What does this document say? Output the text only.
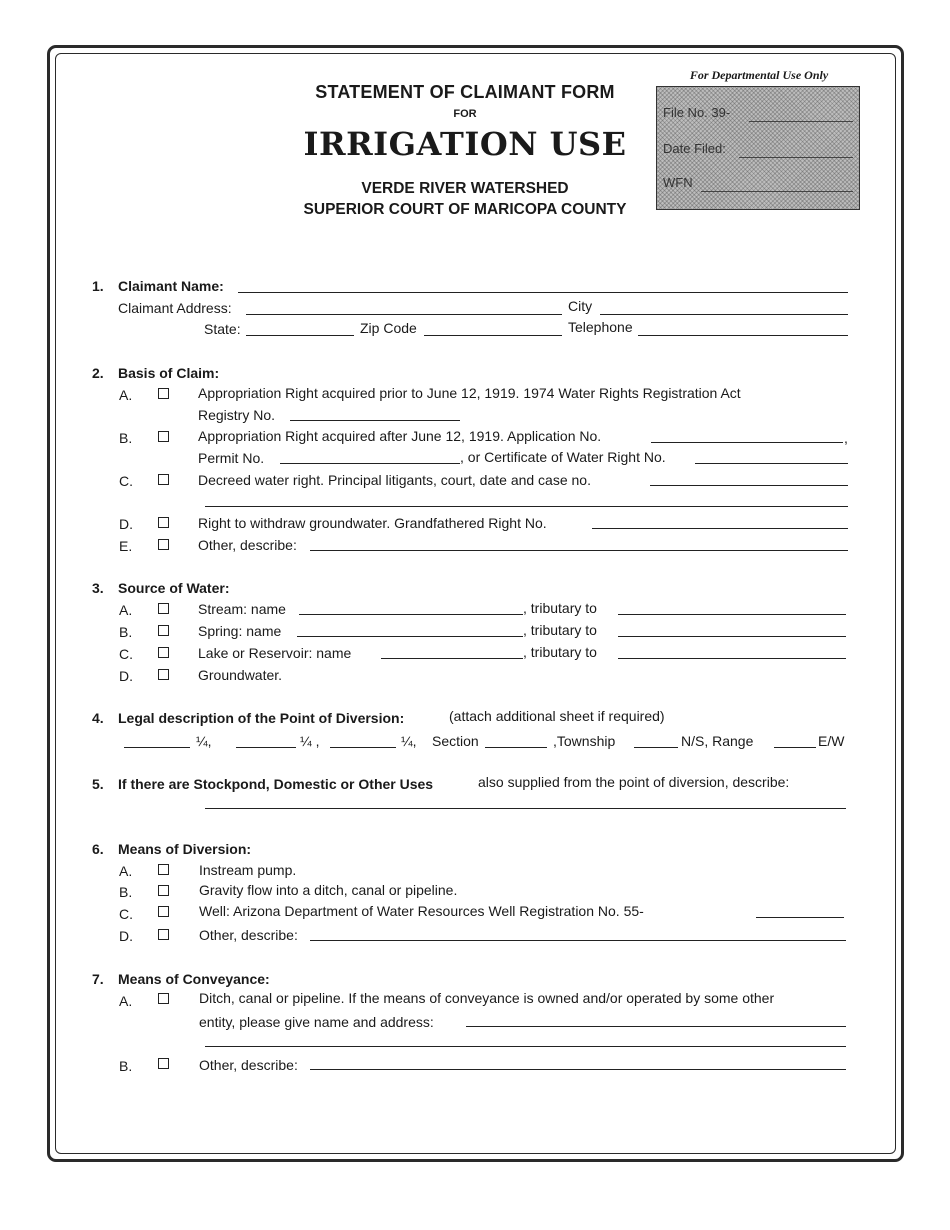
STATEMENT OF CLAIMANT FORM
FOR
IRRIGATION USE
VERDE RIVER WATERSHED
SUPERIOR COURT OF MARICOPA COUNTY
For Departmental Use Only
File No. 39-
Date Filed:
WFN
1. Claimant Name:
Claimant Address:	City
State:	Zip Code	Telephone
2. Basis of Claim:
A.	Appropriation Right acquired prior to June 12, 1919. 1974 Water Rights Registration Act
Registry No.
B.	Appropriation Right acquired after June 12, 1919. Application No.	,
Permit No.	, or Certificate of Water Right No.
C.	Decreed water right. Principal litigants, court, date and case no.
D.	Right to withdraw groundwater. Grandfathered Right No.
E.	Other, describe:
3. Source of Water:
A.	Stream: name	, tributary to
B.	Spring: name	, tributary to
C.	Lake or Reservoir: name	, tributary to
D.	Groundwater.
4. Legal description of the Point of Diversion:	(attach additional sheet if required)
¼,	¼ ,	¼, Section	,Township	N/S, Range	E/W
5. If there are Stockpond, Domestic or Other Uses	also supplied from the point of diversion, describe:
6. Means of Diversion:
A.	Instream pump.
B.	Gravity flow into a ditch, canal or pipeline.
C.	Well: Arizona Department of Water Resources Well Registration No. 55-
D.	Other, describe:
7. Means of Conveyance:
A.	Ditch, canal or pipeline. If the means of conveyance is owned and/or operated by some other
entity, please give name and address:
B.	Other, describe:
